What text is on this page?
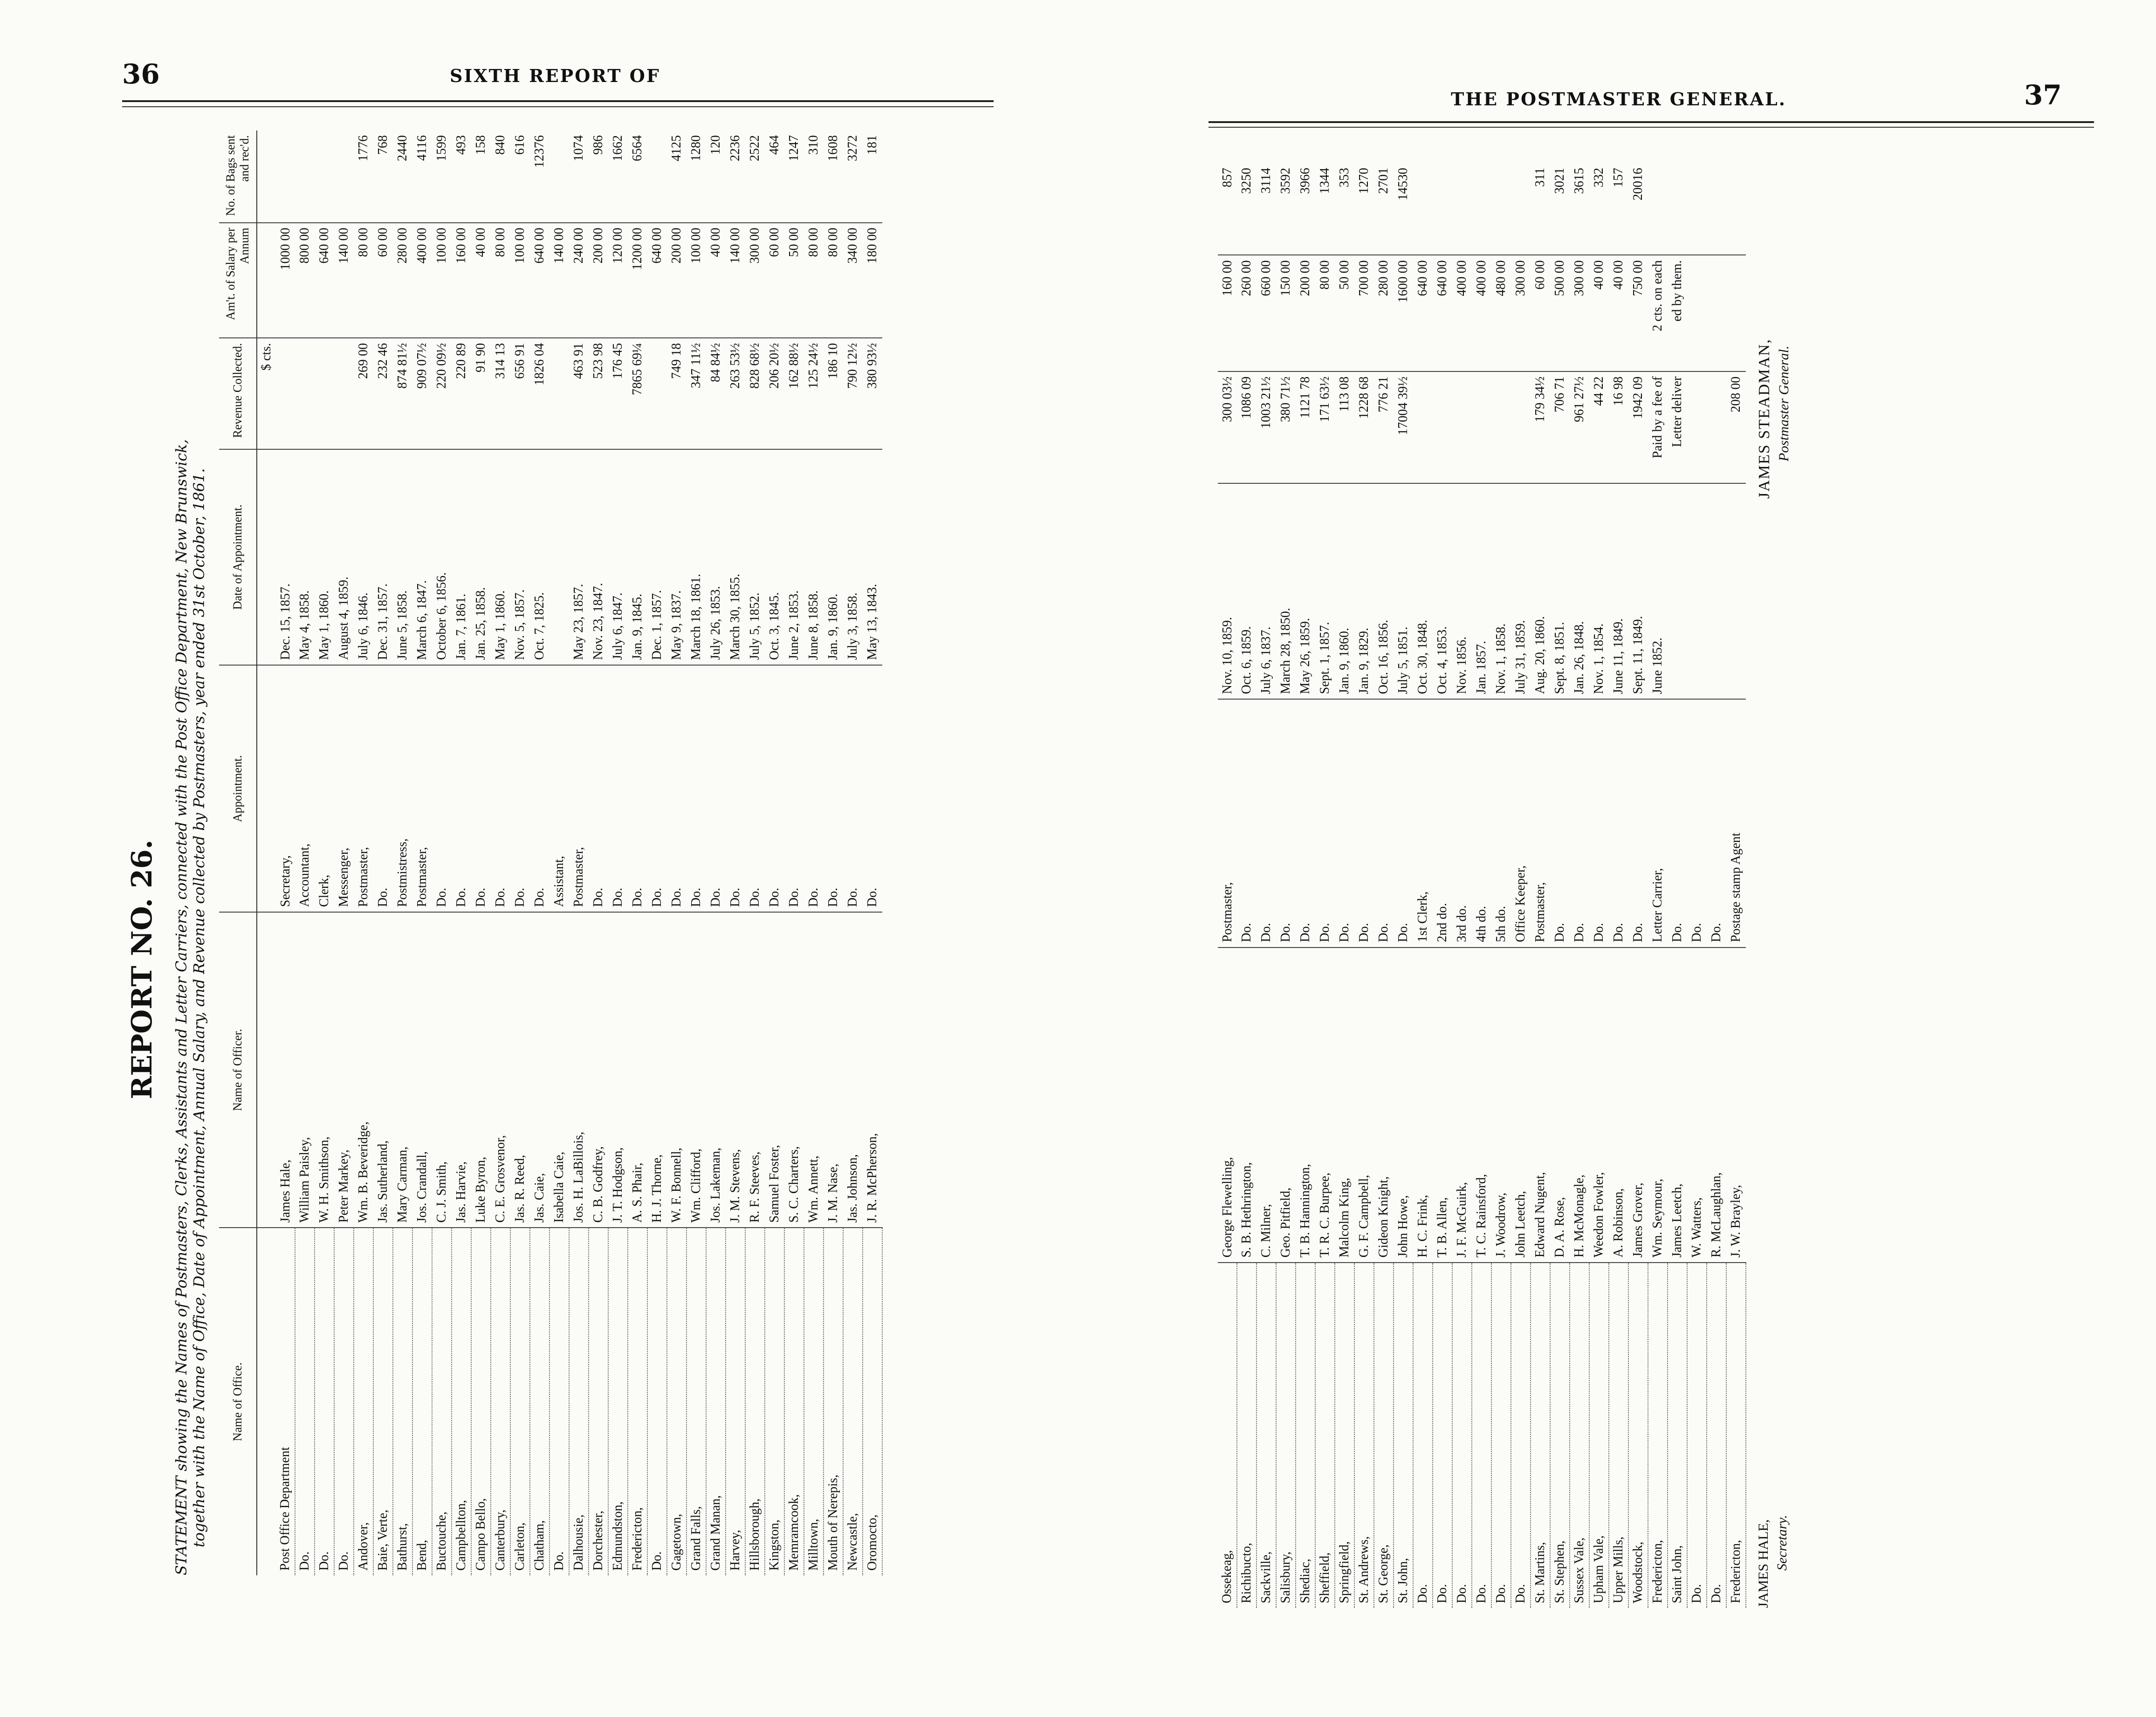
36	SIXTH REPORT OF
REPORT NO. 26. STATEMENT showing the Names of Postmasters, Clerks, Assistants and Letter Carriers, connected with the Post Office Department, New Brunswick, together with the Name of Office, Date of Appointment, Annual Salary, and Revenue collected by Postmasters, year ended 31st October, 1861. Name of Office.	Name of Officer.	Appointment.	Date of Appointment.	Revenue Collected.	Am't. of Salary per Annum	No. of Bags sent and rec'd.
				$ cts.		
Post Office Department	James Hale,	Secretary,	Dec. 15, 1857.		1000 00	
Do.	William Paisley,	Accountant,	May 4, 1858.		800 00	
Do.	W. H. Smithson,	Clerk,	May 1, 1860.		640 00	
Do.	Peter Markey,	Messenger,	August 4, 1859.		140 00	
Andover,	Wm. B. Beveridge,	Postmaster,	July 6, 1846.	269 00	80 00	1776
Baie, Verte,	Jas. Sutherland,	Do.	Dec. 31, 1857.	232 46	60 00	768
Bathurst,	Mary Carman,	Postmistress,	June 5, 1858.	874 81½	280 00	2440
Bend,	Jos. Crandall,	Postmaster,	March 6, 1847.	909 07½	400 00	4116
Buctouche,	C. J. Smith,	Do.	October 6, 1856.	220 09½	100 00	1599
Campbellton,	Jas. Harvie,	Do.	Jan. 7, 1861.	220 89	160 00	493
Campo Bello,	Luke Byron,	Do.	Jan. 25, 1858.	91 90	40 00	158
Canterbury,	C. E. Grosvenor,	Do.	May 1, 1860.	314 13	80 00	840
Carleton,	Jas. R. Reed,	Do.	Nov. 5, 1857.	656 91	100 00	616
Chatham,	Jas. Caie,	Do.	Oct. 7, 1825.	1826 04	640 00	12376
Do.	Isabella Caie,	Assistant,			140 00	
Dalhousie,	Jos. H. LaBillois,	Postmaster,	May 23, 1857.	463 91	240 00	1074
Dorchester,	C. B. Godfrey,	Do.	Nov. 23, 1847.	523 98	200 00	986
Edmundston,	J. T. Hodgson,	Do.	July 6, 1847.	176 45	120 00	1662
Fredericton,	A. S. Phair,	Do.	Jan. 9, 1845.	7865 69¼	1200 00	6564
Do.	H. J. Thorne,	Do.	Dec. 1, 1857.		640 00	
Gagetown,	W. F. Bonnell,	Do.	May 9, 1837.	749 18	200 00	4125
Grand Falls,	Wm. Clifford,	Do.	March 18, 1861.	347 11½	100 00	1280
Grand Manan,	Jos. Lakeman,	Do.	July 26, 1853.	84 84½	40 00	120
Harvey,	J. M. Stevens,	Do.	March 30, 1855.	263 53½	140 00	2236
Hillsborough,	R. F. Steeves,	Do.	July 5, 1852.	828 68½	300 00	2522
Kingston,	Samuel Foster,	Do.	Oct. 3, 1845.	206 20½	60 00	464
Memramcook,	S. C. Charters,	Do.	June 2, 1853.	162 88½	50 00	1247
Milltown,	Wm. Annett,	Do.	June 8, 1858.	125 24½	80 00	310
Mouth of Nerepis,	J. M. Nase,	Do.	Jan. 9, 1860.	186 10	80 00	1608
Newcastle,	Jas. Johnson,	Do.	July 3, 1858.	790 12½	340 00	3272
Oromocto,	J. R. McPherson,	Do.	May 13, 1843.	380 93½	180 00	181
THE POSTMASTER GENERAL.	37
Ossekeag,	George Flewelling,	Postmaster,	Nov. 10, 1859.	300 03½	160 00	857
Richibucto,	S. B. Hethrington,	Do.	Oct. 6, 1859.	1086 09	260 00	3250
Sackville,	C. Milner,	Do.	July 6, 1837.	1003 21½	660 00	3114
Salisbury,	Geo. Pitfield,	Do.	March 28, 1850.	380 71½	150 00	3592
Shediac,	T. B. Hannington,	Do.	May 26, 1859.	1121 78	200 00	3966
Sheffield,	T. R. C. Burpee,	Do.	Sept. 1, 1857.	171 63½	80 00	1344
Springfield,	Malcolm King,	Do.	Jan. 9, 1860.	113 08	50 00	353
St. Andrews,	G. F. Campbell,	Do.	Jan. 9, 1829.	1228 68	700 00	1270
St. George,	Gideon Knight,	Do.	Oct. 16, 1856.	776 21	280 00	2701
St. John,	John Howe,	Do.	July 5, 1851.	17004 39½	1600 00	14530
Do.	H. C. Frink,	1st Clerk,	Oct. 30, 1848.		640 00	
Do.	T. B. Allen,	2nd do.	Oct. 4, 1853.		640 00	
Do.	J. F. McGuirk,	3rd do.	Nov. 1856.		400 00	
Do.	T. C. Rainsford,	4th do.	Jan. 1857.		400 00	
Do.	J. Woodrow,	5th do.	Nov. 1, 1858.		480 00	
Do.	John Leetch,	Office Keeper,	July 31, 1859.		300 00	
St. Martins,	Edward Nugent,	Postmaster,	Aug. 20, 1860.	179 34½	60 00	311
St. Stephen,	D. A. Rose,	Do.	Sept. 8, 1851.	706 71	500 00	3021
Sussex Vale,	H. McMonagle,	Do.	Jan. 26, 1848.	961 27½	300 00	3615
Upham Vale,	Weedon Fowler,	Do.	Nov. 1, 1854.	44 22	40 00	332
Upper Mills,	A. Robinson,	Do.	June 11, 1849.	16 98	40 00	157
Woodstock,	James Grover,	Do.	Sept. 11, 1849.	1942 09	750 00	20016
Fredericton,	Wm. Seymour,	Letter Carrier,	June 1852.	Paid by a fee of	2 cts. on each	
Saint John,	James Leetch,	Do.		Letter deliver	ed by them.	
Do.	W. Watters,	Do.				
Do.	R. McLaughlan,	Do.				
Fredericton,	J. W. Brayley,	Postage stamp Agent		208 00		
JAMES HALE, Secretary.
JAMES STEADMAN, Postmaster General.
